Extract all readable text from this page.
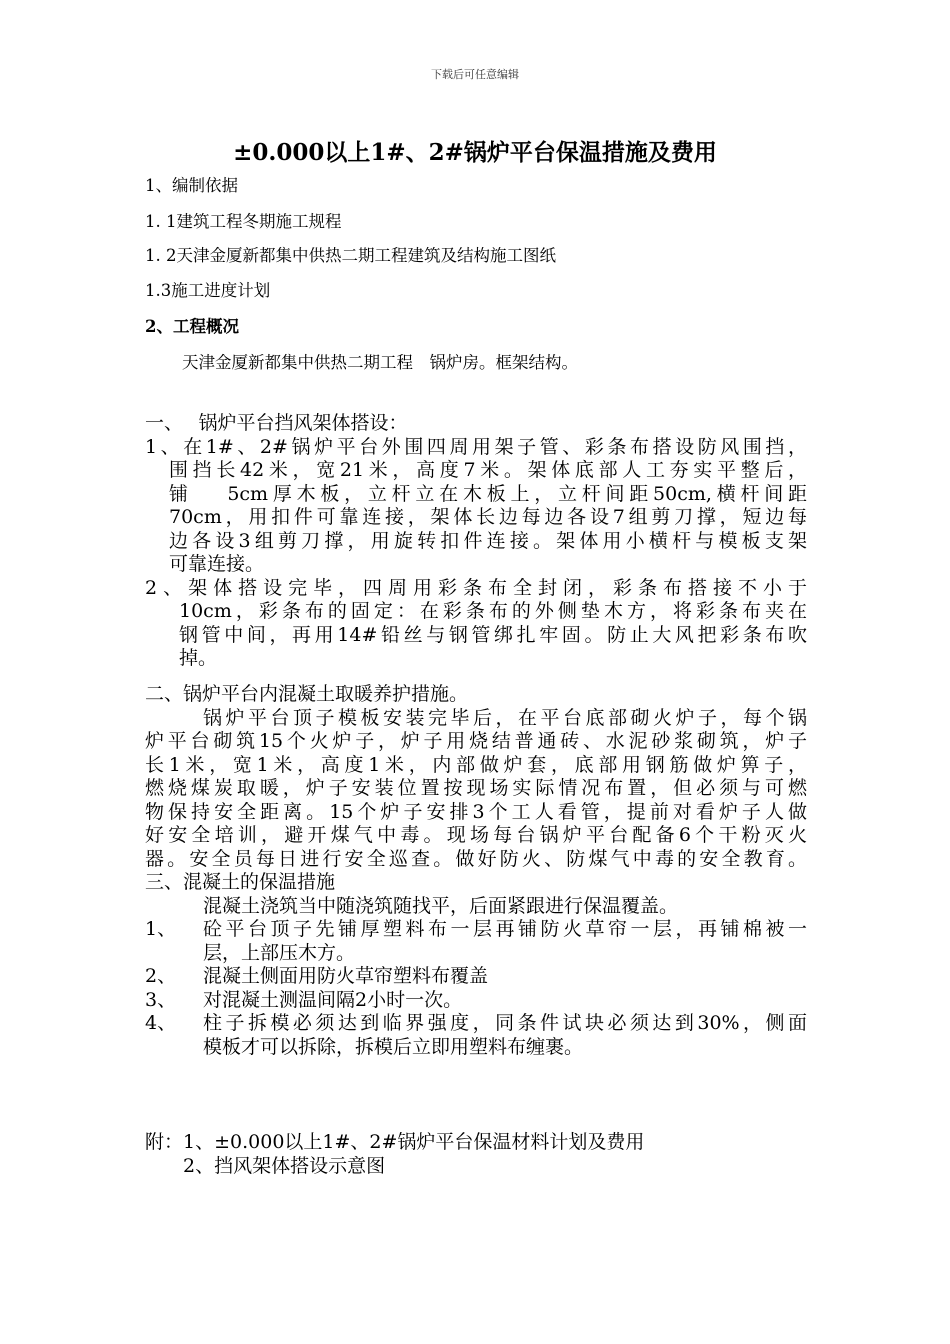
下载后可任意编辑
±0.000以上1#、2#锅炉平台保温措施及费用
1、编制依据
1. 1建筑工程冬期施工规程
1. 2天津金厦新都集中供热二期工程建筑及结构施工图纸
1.3施工进度计划
2、工程概况
天津金厦新都集中供热二期工程　锅炉房。框架结构。
一、　 锅炉平台挡风架体搭设：
1、在1#、2#锅炉平台外围四周用架子管、彩条布搭设防风围挡，
围挡长42米，宽21米，高度7米。架体底部人工夯实平整后，
铺　 5cm厚木板，立杆立在木板上，立杆间距50cm,横杆间距
70cm，用扣件可靠连接，架体长边每边各设7组剪刀撑，短边每
边各设3组剪刀撑，用旋转扣件连接。架体用小横杆与模板支架
可靠连接。
2、架体搭设完毕，四周用彩条布全封闭，彩条布搭接不小于
10cm，彩条布的固定：在彩条布的外侧垫木方，将彩条布夹在
钢管中间，再用14#铅丝与钢管绑扎牢固。防止大风把彩条布吹
掉。
二、锅炉平台内混凝土取暖养护措施。
锅炉平台顶子模板安装完毕后，在平台底部砌火炉子，每个锅
炉平台砌筑15个火炉子，炉子用烧结普通砖、水泥砂浆砌筑，炉子
长1米，宽1米，高度1米，内部做炉套，底部用钢筋做炉箅子，
燃烧煤炭取暖，炉子安装位置按现场实际情况布置，但必须与可燃
物保持安全距离。15个炉子安排3个工人看管，提前对看炉子人做
好安全培训，避开煤气中毒。现场每台锅炉平台配备6个干粉灭火
器。安全员每日进行安全巡查。做好防火、防煤气中毒的安全教育。
三、混凝土的保温措施
混凝土浇筑当中随浇筑随找平，后面紧跟进行保温覆盖。
1、	砼平台顶子先铺厚塑料布一层再铺防火草帘一层，再铺棉被一
层，上部压木方。
2、	混凝土侧面用防火草帘塑料布覆盖
3、	对混凝土测温间隔2小时一次。
4、	柱子拆模必须达到临界强度，同条件试块必须达到30%，侧面
模板才可以拆除，拆模后立即用塑料布缠裹。
附：1、±0.000以上1#、2#锅炉平台保温材料计划及费用
2、挡风架体搭设示意图
